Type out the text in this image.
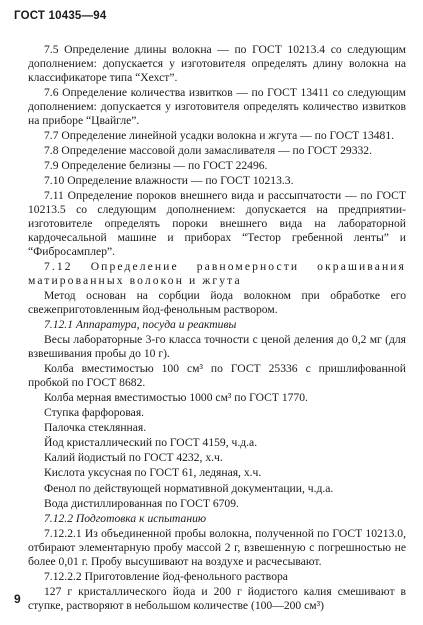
ГОСТ 10435—94

7.5 Определение длины волокна — по ГОСТ 10213.4 со следующим дополнением: допускается у изготовителя определять длину волокна на классификаторе типа “Хехст”.

7.6 Определение количества извитков — по ГОСТ 13411 со следующим дополнением: допускается у изготовителя определять количество извитков на приборе “Цвайгле”.

7.7 Определение линейной усадки волокна и жгута — по ГОСТ 13481.

7.8 Определение массовой доли замасливателя — по ГОСТ 29332.

7.9 Определение белизны — по ГОСТ 22496.

7.10 Определение влажности — по ГОСТ 10213.3.

7.11 Определение пороков внешнего вида и рассыпчатости — по ГОСТ 10213.5 со следующим дополнением: допускается на предприятии-изготовителе определять пороки внешнего вида на лабораторной кардочесальной машине и приборах “Тестор гребенной ленты” и “Фибросамплер”.

7.12 Определение равномерности окрашивания матированных волокон и жгута

Метод основан на сорбции йода волокном при обработке его свежеприготовленным йод-фенольным раствором.

7.12.1 Аппаратура, посуда и реактивы

Весы лабораторные 3-го класса точности с ценой деления до 0,2 мг (для взвешивания пробы до 10 г).

Колба вместимостью 100 см³ по ГОСТ 25336 с пришлифованной пробкой по ГОСТ 8682.

Колба мерная вместимостью 1000 см³ по ГОСТ 1770.

Ступка фарфоровая.

Палочка стеклянная.

Йод кристаллический по ГОСТ 4159, ч.д.а.

Калий йодистый по ГОСТ 4232, х.ч.

Кислота уксусная по ГОСТ 61, ледяная, х.ч.

Фенол по действующей нормативной документации, ч.д.а.

Вода дистиллированная по ГОСТ 6709.

7.12.2 Подготовка к испытанию

7.12.2.1 Из объединенной пробы волокна, полученной по ГОСТ 10213.0, отбирают элементарную пробу массой 2 г, взвешенную с погрешностью не более 0,01 г. Пробу высушивают на воздухе и расчесывают.

7.12.2.2 Приготовление йод-фенольного раствора

127 г кристаллического йода и 200 г йодистого калия смешивают в ступке, растворяют в небольшом количестве (100—200 см³)

9
